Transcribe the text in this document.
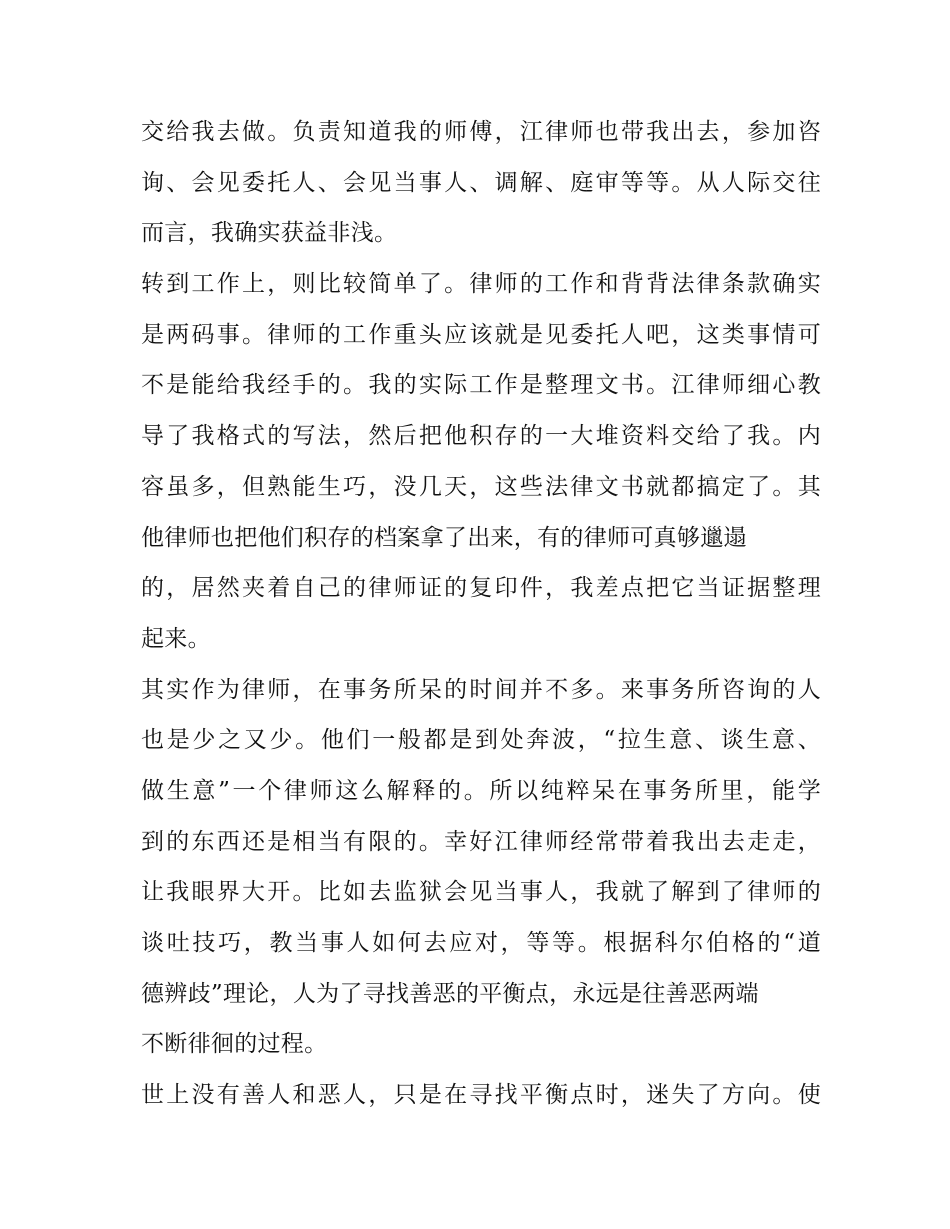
交给我去做。负责知道我的师傅，江律师也带我出去，参加咨
询、会见委托人、会见当事人、调解、庭审等等。从人际交往
而言，我确实获益非浅。
转到工作上，则比较简单了。律师的工作和背背法律条款确实
是两码事。律师的工作重头应该就是见委托人吧，这类事情可
不是能给我经手的。我的实际工作是整理文书。江律师细心教
导了我格式的写法，然后把他积存的一大堆资料交给了我。内
容虽多，但熟能生巧，没几天，这些法律文书就都搞定了。其
他律师也把他们积存的档案拿了出来，有的律师可真够邋遢
的，居然夹着自己的律师证的复印件，我差点把它当证据整理
起来。
其实作为律师，在事务所呆的时间并不多。来事务所咨询的人
也是少之又少。他们一般都是到处奔波，“拉生意、谈生意、
做生意”一个律师这么解释的。所以纯粹呆在事务所里，能学
到的东西还是相当有限的。幸好江律师经常带着我出去走走，
让我眼界大开。比如去监狱会见当事人，我就了解到了律师的
谈吐技巧，教当事人如何去应对，等等。根据科尔伯格的“道
德辨歧”理论，人为了寻找善恶的平衡点，永远是往善恶两端
不断徘徊的过程。
世上没有善人和恶人，只是在寻找平衡点时，迷失了方向。使
